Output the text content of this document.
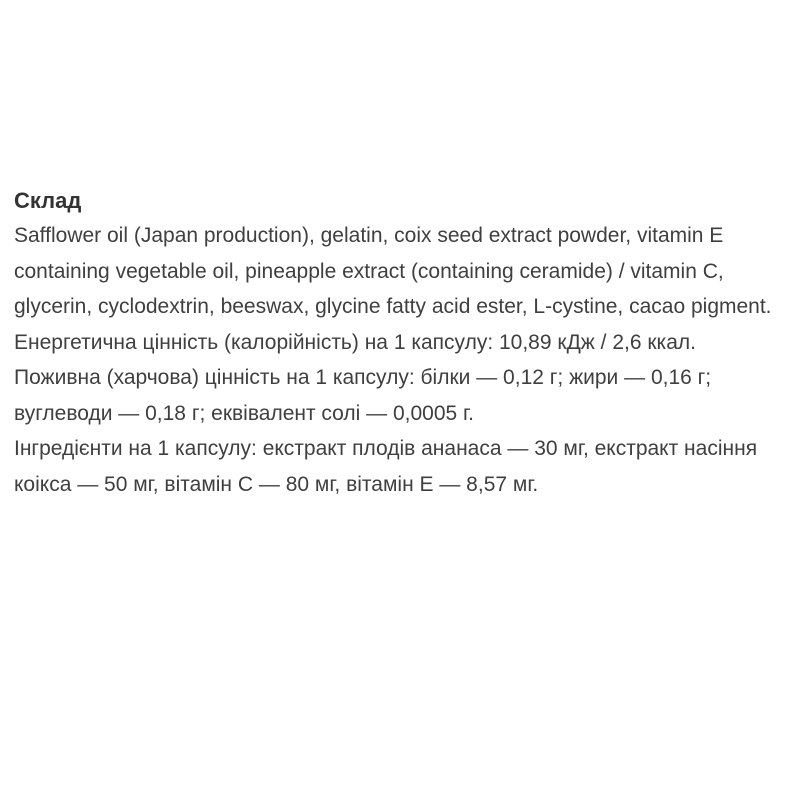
Склад

Safflower oil (Japan production), gelatin, coix seed extract powder, vitamin E containing vegetable oil, pineapple extract (containing ceramide) / vitamin C, glycerin, cyclodextrin, beeswax, glycine fatty acid ester, L-cystine, cacao pigment.

Енергетична цінність (калорійність) на 1 капсулу: 10,89 кДж / 2,6 ккал.

Поживна (харчова) цінність на 1 капсулу: білки — 0,12 г; жири — 0,16 г; вуглеводи — 0,18 г; еквівалент солі — 0,0005 г.

Інгредієнти на 1 капсулу: екстракт плодів ананаса — 30 мг, екстракт насіння коікса — 50 мг, вітамін C — 80 мг, вітамін E — 8,57 мг.
